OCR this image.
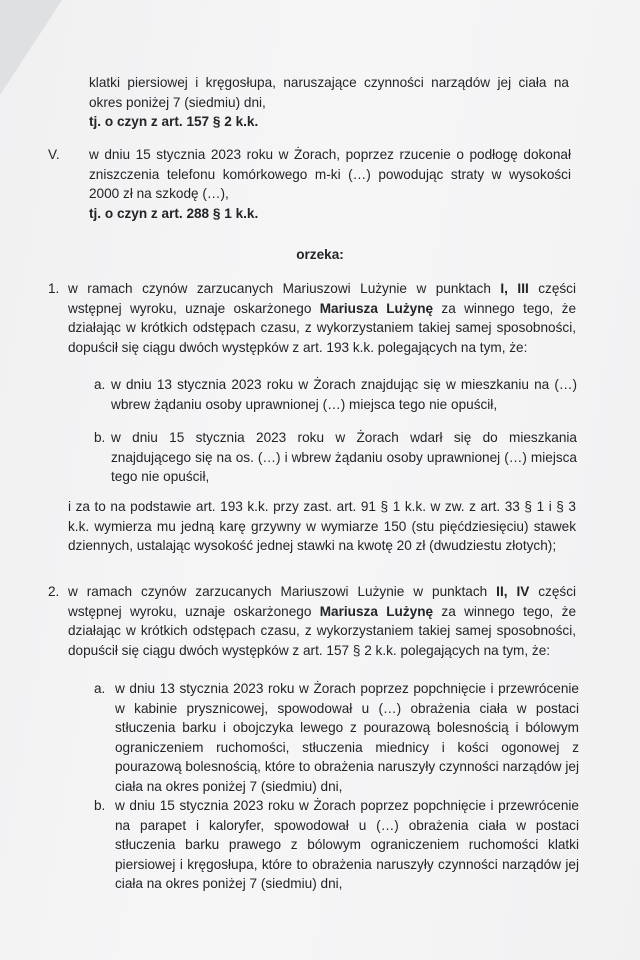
klatki piersiowej i kręgosłupa, naruszające czynności narządów jej ciała na okres poniżej 7 (siedmiu) dni,

tj. o czyn z art. 157 § 2 k.k.

V. w dniu 15 stycznia 2023 roku w Żorach, poprzez rzucenie o podłogę dokonał zniszczenia telefonu komórkowego m-ki (…) powodując straty w wysokości 2000 zł na szkodę (…),

tj. o czyn z art. 288 § 1 k.k.

orzeka:
1. w ramach czynów zarzucanych Mariuszowi Lużynie w punktach I, III części wstępnej wyroku, uznaje oskarżonego Mariusza Lużynę za winnego tego, że działając w krótkich odstępach czasu, z wykorzystaniem takiej samej sposobności, dopuścił się ciągu dwóch występków z art. 193 k.k. polegających na tym, że:

a. w dniu 13 stycznia 2023 roku w Żorach znajdując się w mieszkaniu na (…) wbrew żądaniu osoby uprawnionej (…) miejsca tego nie opuścił,
b. w dniu 15 stycznia 2023 roku w Żorach wdarł się do mieszkania znajdującego się na os. (…) i wbrew żądaniu osoby uprawnionej (…) miejsca tego nie opuścił,
i za to na podstawie art. 193 k.k. przy zast. art. 91 § 1 k.k. w zw. z art. 33 § 1 i § 3 k.k. wymierza mu jedną karę grzywny w wymiarze 150 (stu pięćdziesięciu) stawek dziennych, ustalając wysokość jednej stawki na kwotę 20 zł (dwudziestu złotych);
2. w ramach czynów zarzucanych Mariuszowi Lużynie w punktach II, IV części wstępnej wyroku, uznaje oskarżonego Mariusza Lużynę za winnego tego, że działając w krótkich odstępach czasu, z wykorzystaniem takiej samej sposobności, dopuścił się ciągu dwóch występków z art. 157 § 2 k.k. polegających na tym, że:

a. w dniu 13 stycznia 2023 roku w Żorach poprzez popchnięcie i przewrócenie w kabinie prysznicowej, spowodował u (…) obrażenia ciała w postaci stłuczenia barku i obojczyka lewego z pourazową bolesnością i bólowym ograniczeniem ruchomości, stłuczenia miednicy i kości ogonowej z pourazową bolesnością, które to obrażenia naruszyły czynności narządów jej ciała na okres poniżej 7 (siedmiu) dni,
b. w dniu 15 stycznia 2023 roku w Żorach poprzez popchnięcie i przewrócenie na parapet i kaloryfer, spowodował u (…) obrażenia ciała w postaci stłuczenia barku prawego z bólowym ograniczeniem ruchomości klatki piersiowej i kręgosłupa, które to obrażenia naruszyły czynności narządów jej ciała na okres poniżej 7 (siedmiu) dni,
